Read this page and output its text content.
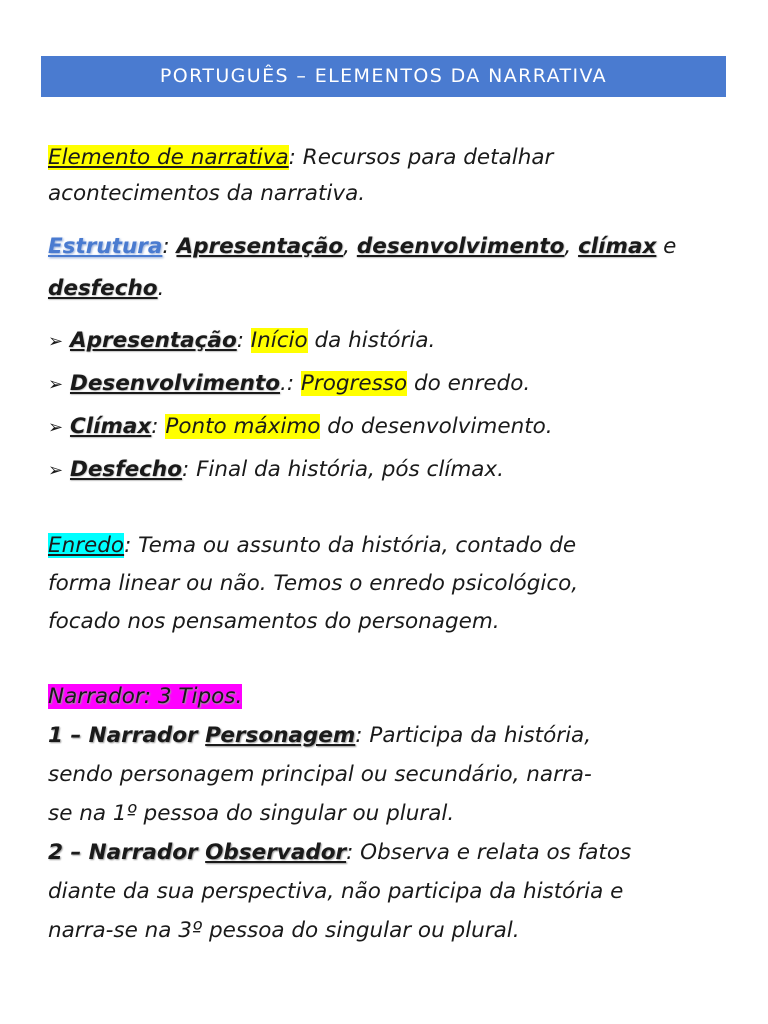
PORTUGUÊS – ELEMENTOS DA NARRATIVA
Elemento de narrativa: Recursos para detalhar
acontecimentos da narrativa.
Estrutura: Apresentação, desenvolvimento, clímax e
desfecho.
➢ Apresentação: Início da história.
➢ Desenvolvimento.: Progresso do enredo.
➢ Clímax: Ponto máximo do desenvolvimento.
➢ Desfecho: Final da história, pós clímax.
Enredo: Tema ou assunto da história, contado de
forma linear ou não. Temos o enredo psicológico,
focado nos pensamentos do personagem.
Narrador: 3 Tipos.
1 – Narrador Personagem: Participa da história,
sendo personagem principal ou secundário, narra-
se na 1º pessoa do singular ou plural.
2 – Narrador Observador: Observa e relata os fatos
diante da sua perspectiva, não participa da história e
narra-se na 3º pessoa do singular ou plural.
